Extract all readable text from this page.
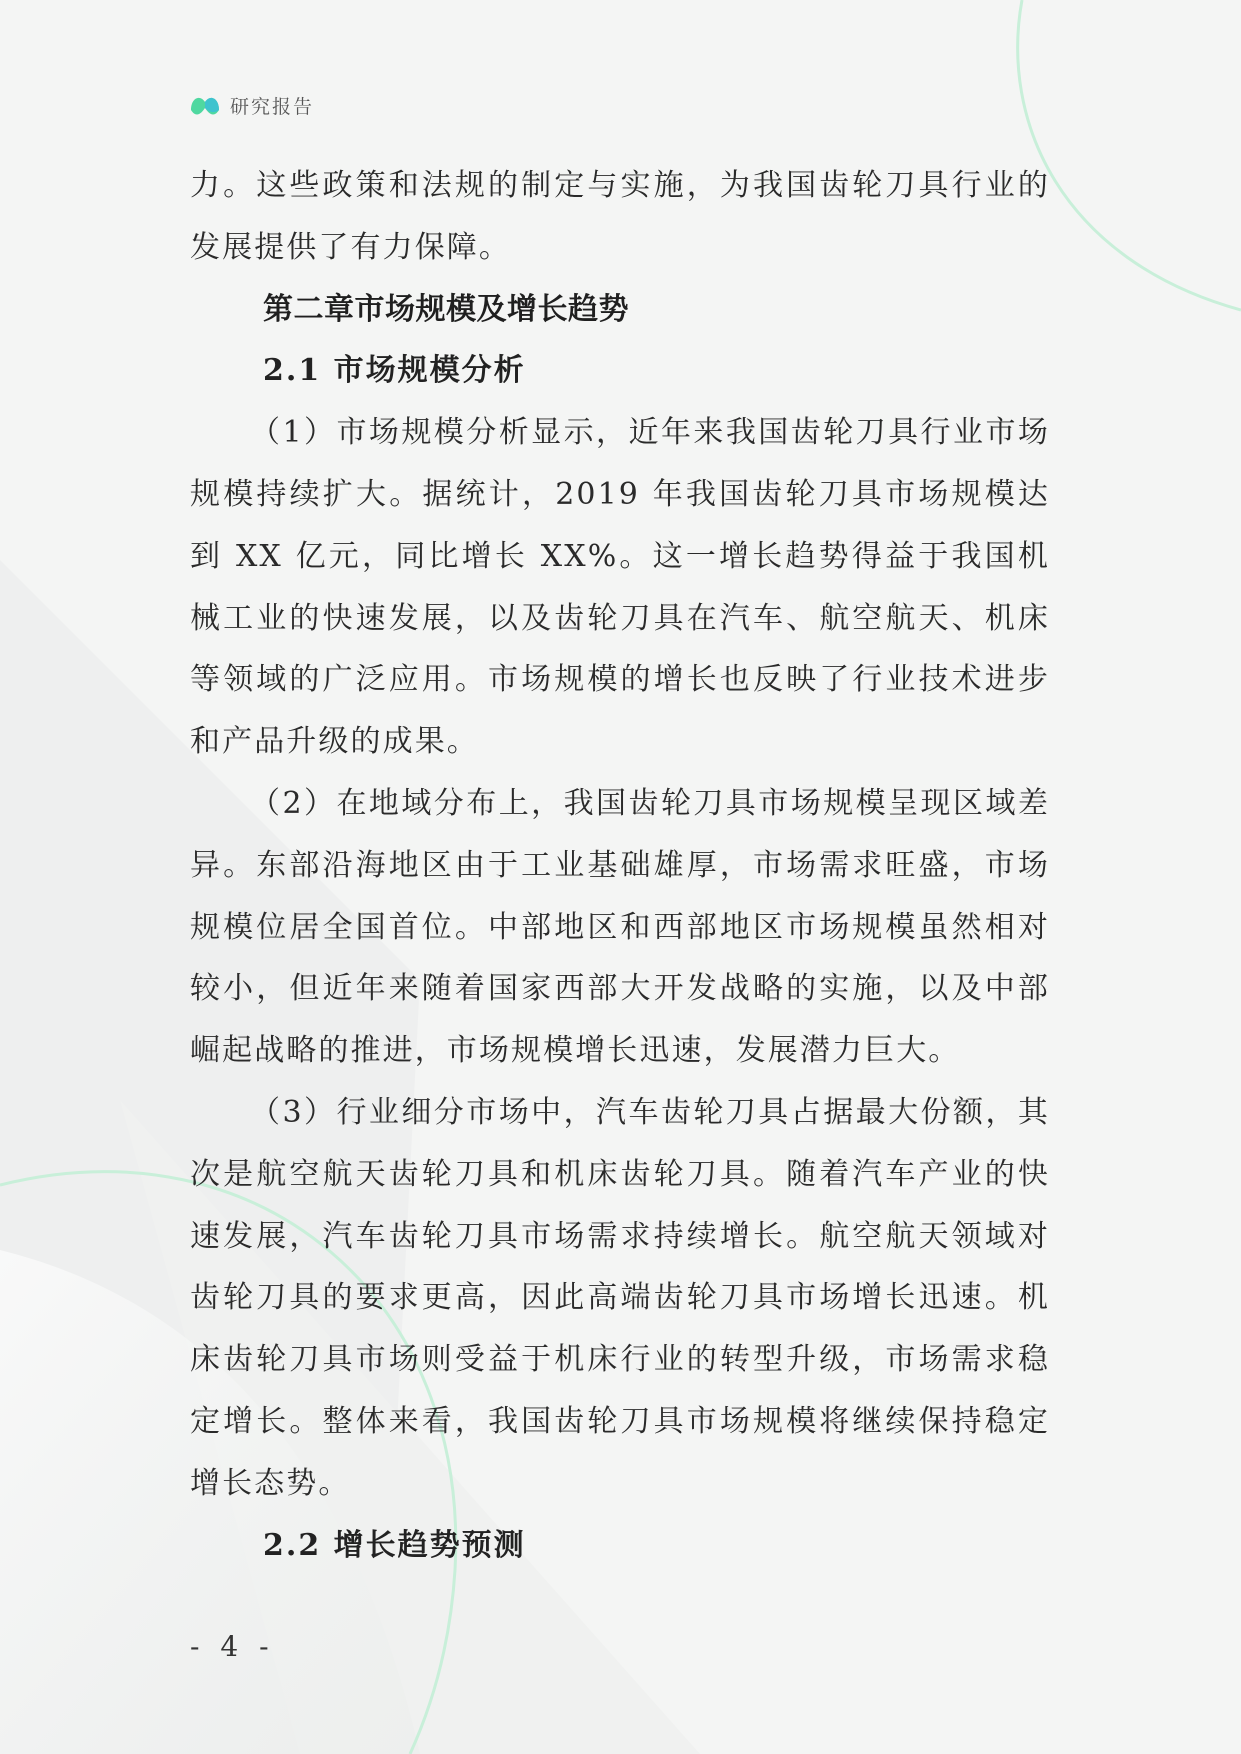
研究报告

力。这些政策和法规的制定与实施，为我国齿轮刀具行业的发展提供了有力保障。

第二章市场规模及增长趋势
2.1 市场规模分析

（1）市场规模分析显示，近年来我国齿轮刀具行业市场规模持续扩大。据统计，2019 年我国齿轮刀具市场规模达到 XX 亿元，同比增长 XX%。这一增长趋势得益于我国机械工业的快速发展，以及齿轮刀具在汽车、航空航天、机床等领域的广泛应用。市场规模的增长也反映了行业技术进步和产品升级的成果。

（2）在地域分布上，我国齿轮刀具市场规模呈现区域差异。东部沿海地区由于工业基础雄厚，市场需求旺盛，市场规模位居全国首位。中部地区和西部地区市场规模虽然相对较小，但近年来随着国家西部大开发战略的实施，以及中部崛起战略的推进，市场规模增长迅速，发展潜力巨大。

（3）行业细分市场中，汽车齿轮刀具占据最大份额，其次是航空航天齿轮刀具和机床齿轮刀具。随着汽车产业的快速发展，汽车齿轮刀具市场需求持续增长。航空航天领域对齿轮刀具的要求更高，因此高端齿轮刀具市场增长迅速。机床齿轮刀具市场则受益于机床行业的转型升级，市场需求稳定增长。整体来看，我国齿轮刀具市场规模将继续保持稳定增长态势。

2.2 增长趋势预测
- 4 -
